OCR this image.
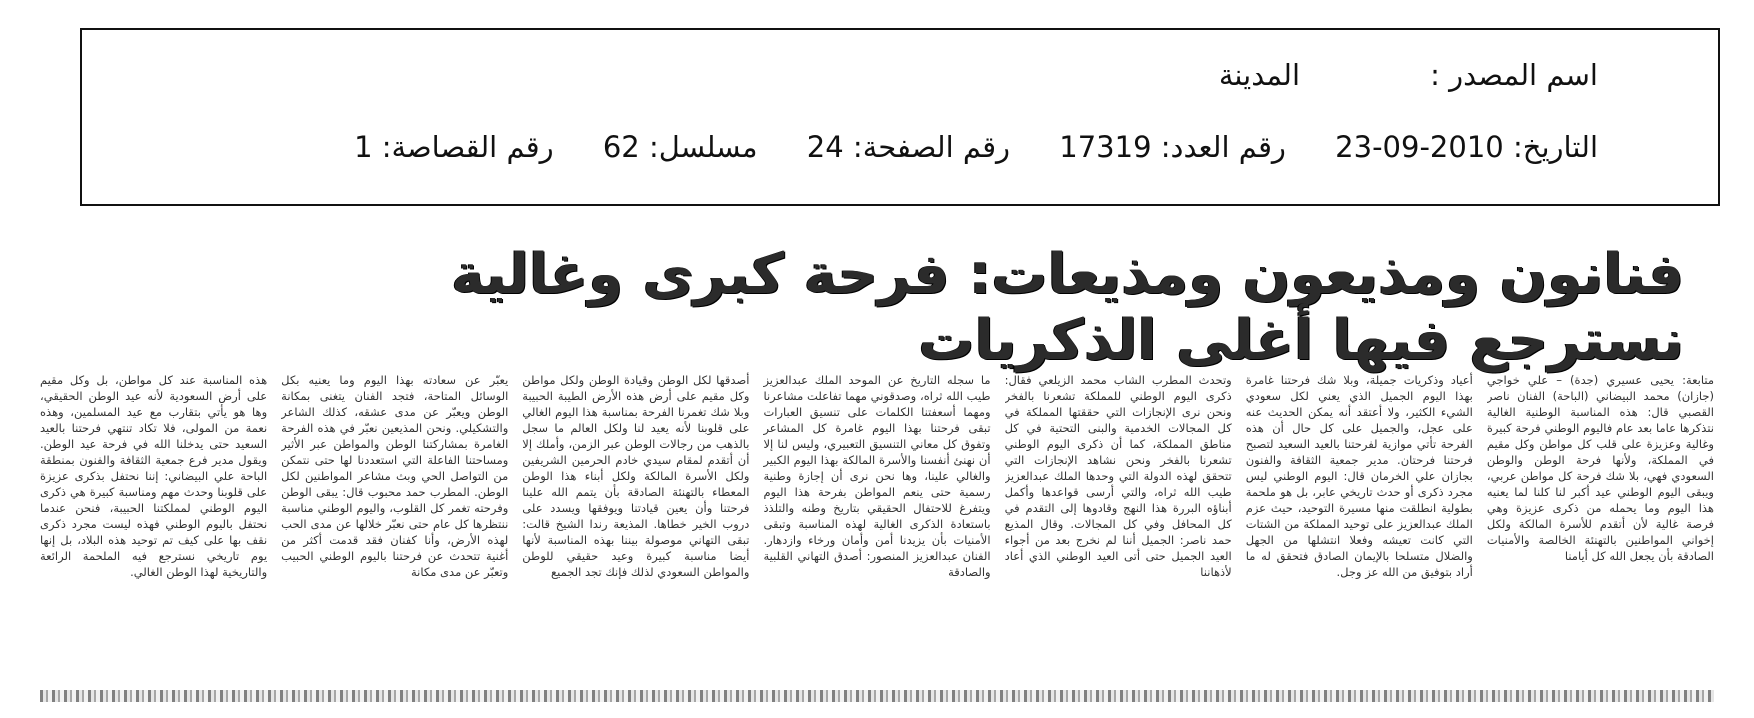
اسم المصدر :المدينة
التاريخ: 2010-09-23 رقم العدد: 17319 رقم الصفحة: 24 مسلسل: 62 رقم القصاصة: 1
فنانون ومذيعون ومذيعات: فرحة كبرى وغالية
نسترجع فيها أغلى الذكريات

متابعة: يحيى عسيري (جدة) – علي خواجي (جازان) محمد البيضاني (الباحة) الفنان ناصر القصبي قال: هذه المناسبة الوطنية الغالية نتذكرها عاما بعد عام فاليوم الوطني فرحة كبيرة وغالية وعزيزة على قلب كل مواطن وكل مقيم في المملكة، ولأنها فرحة الوطن والوطن السعودي فهي، بلا شك فرحة كل مواطن عربي، ويبقى اليوم الوطني عيد أكبر لنا كلنا لما يعنيه هذا اليوم وما يحمله من ذكرى عزيزة وهي فرصة غالية لأن أتقدم للأسرة المالكة ولكل إخواني المواطنين بالتهنئة الخالصة والأمنيات الصادقة بأن يجعل الله كل أيامنا

أعياد وذكريات جميلة، وبلا شك فرحتنا غامرة بهذا اليوم الجميل الذي يعني لكل سعودي الشيء الكثير، ولا أعتقد أنه يمكن الحديث عنه على عجل، والجميل على كل حال أن هذه الفرحة تأتي موازية لفرحتنا بالعيد السعيد لتصبح فرحتنا فرحتان. مدير جمعية الثقافة والفنون بجازان علي الخرمان قال: اليوم الوطني ليس مجرد ذكرى أو حدث تاريخي عابر، بل هو ملحمة بطولية انطلقت منها مسيرة التوحيد، حيث عزم الملك عبدالعزيز على توحيد المملكة من الشتات التي كانت تعيشه وفعلا انتشلها من الجهل والضلال متسلحا بالإيمان الصادق فتحقق له ما أراد بتوفيق من الله عز وجل.

وتحدث المطرب الشاب محمد الزيلعي فقال: ذكرى اليوم الوطني للمملكة تشعرنا بالفخر ونحن نرى الإنجازات التي حققتها المملكة في كل المجالات الخدمية والبنى التحتية في كل مناطق المملكة، كما أن ذكرى اليوم الوطني تشعرنا بالفخر ونحن نشاهد الإنجازات التي تتحقق لهذه الدولة التي وحدها الملك عبدالعزيز طيب الله ثراه، والتي أرسى قواعدها وأكمل أبناؤه البررة هذا النهج وقادوها إلى التقدم في كل المحافل وفي كل المجالات. وقال المذيع حمد ناصر: الجميل أننا لم نخرج بعد من أجواء العيد الجميل حتى أتى العيد الوطني الذي أعاد لأذهاننا

ما سجله التاريخ عن الموحد الملك عبدالعزيز طيب الله ثراه، وصدقوني مهما تفاعلت مشاعرنا ومهما أسعفتنا الكلمات على تنسيق العبارات تبقى فرحتنا بهذا اليوم غامرة كل المشاعر وتفوق كل معاني التنسيق التعبيري، وليس لنا إلا أن نهنئ أنفسنا والأسرة المالكة بهذا اليوم الكبير والغالي علينا، وها نحن نرى أن إجازة وطنية رسمية حتى ينعم المواطن بفرحة هذا اليوم ويتفرغ للاحتفال الحقيقي بتاريخ وطنه والتلذذ باستعادة الذكرى الغالية لهذه المناسبة وتبقى الأمنيات بأن يزيدنا أمن وأمان ورخاء وازدهار. الفنان عبدالعزيز المنصور: أصدق التهاني القلبية والصادقة

أصدقها لكل الوطن وقيادة الوطن ولكل مواطن وكل مقيم على أرض هذه الأرض الطيبة الحبيبة وبلا شك تغمرنا الفرحة بمناسبة هذا اليوم الغالي على قلوبنا لأنه يعيد لنا ولكل العالم ما سجل بالذهب من رجالات الوطن عبر الزمن، وأملك إلا أن أتقدم لمقام سيدي خادم الحرمين الشريفين ولكل الأسرة المالكة ولكل أبناء هذا الوطن المعطاء بالتهنئة الصادقة بأن يتمم الله علينا فرحتنا وأن يعين قيادتنا ويوفقها ويسدد على دروب الخير خطاها. المذيعة رندا الشيخ قالت: تبقى التهاني موصولة بيننا بهذه المناسبة لأنها أيضا مناسبة كبيرة وعيد حقيقي للوطن والمواطن السعودي لذلك فإنك تجد الجميع

يعبّر عن سعادته بهذا اليوم وما يعنيه بكل الوسائل المتاحة، فتجد الفنان يتغنى بمكانة الوطن ويعبّر عن مدى عشقه، كذلك الشاعر والتشكيلي. ونحن المذيعين نعبّر في هذه الفرحة الغامرة بمشاركتنا الوطن والمواطن عبر الأثير ومساحتنا الفاعلة التي استعددنا لها حتى نتمكن من التواصل الحي وبث مشاعر المواطنين لكل الوطن. المطرب حمد محبوب قال: يبقى الوطن وفرحته تغمر كل القلوب، واليوم الوطني مناسبة ننتظرها كل عام حتى نعبّر خلالها عن مدى الحب لهذه الأرض، وأنا كفنان فقد قدمت أكثر من أغنية تتحدث عن فرحتنا باليوم الوطني الحبيب وتعبّر عن مدى مكانة

هذه المناسبة عند كل مواطن، بل وكل مقيم على أرض السعودية لأنه عيد الوطن الحقيقي، وها هو يأتي بتقارب مع عيد المسلمين، وهذه نعمة من المولى، فلا تكاد تنتهي فرحتنا بالعيد السعيد حتى يدخلنا الله في فرحة عيد الوطن. ويقول مدير فرع جمعية الثقافة والفنون بمنطقة الباحة علي البيضاني: إننا نحتفل بذكرى عزيزة على قلوبنا وحدث مهم ومناسبة كبيرة هي ذكرى اليوم الوطني لمملكتنا الحبيبة، فنحن عندما نحتفل باليوم الوطني فهذه ليست مجرد ذكرى نقف بها على كيف تم توحيد هذه البلاد، بل إنها يوم تاريخي نسترجع فيه الملحمة الرائعة والتاريخية لهذا الوطن الغالي.
